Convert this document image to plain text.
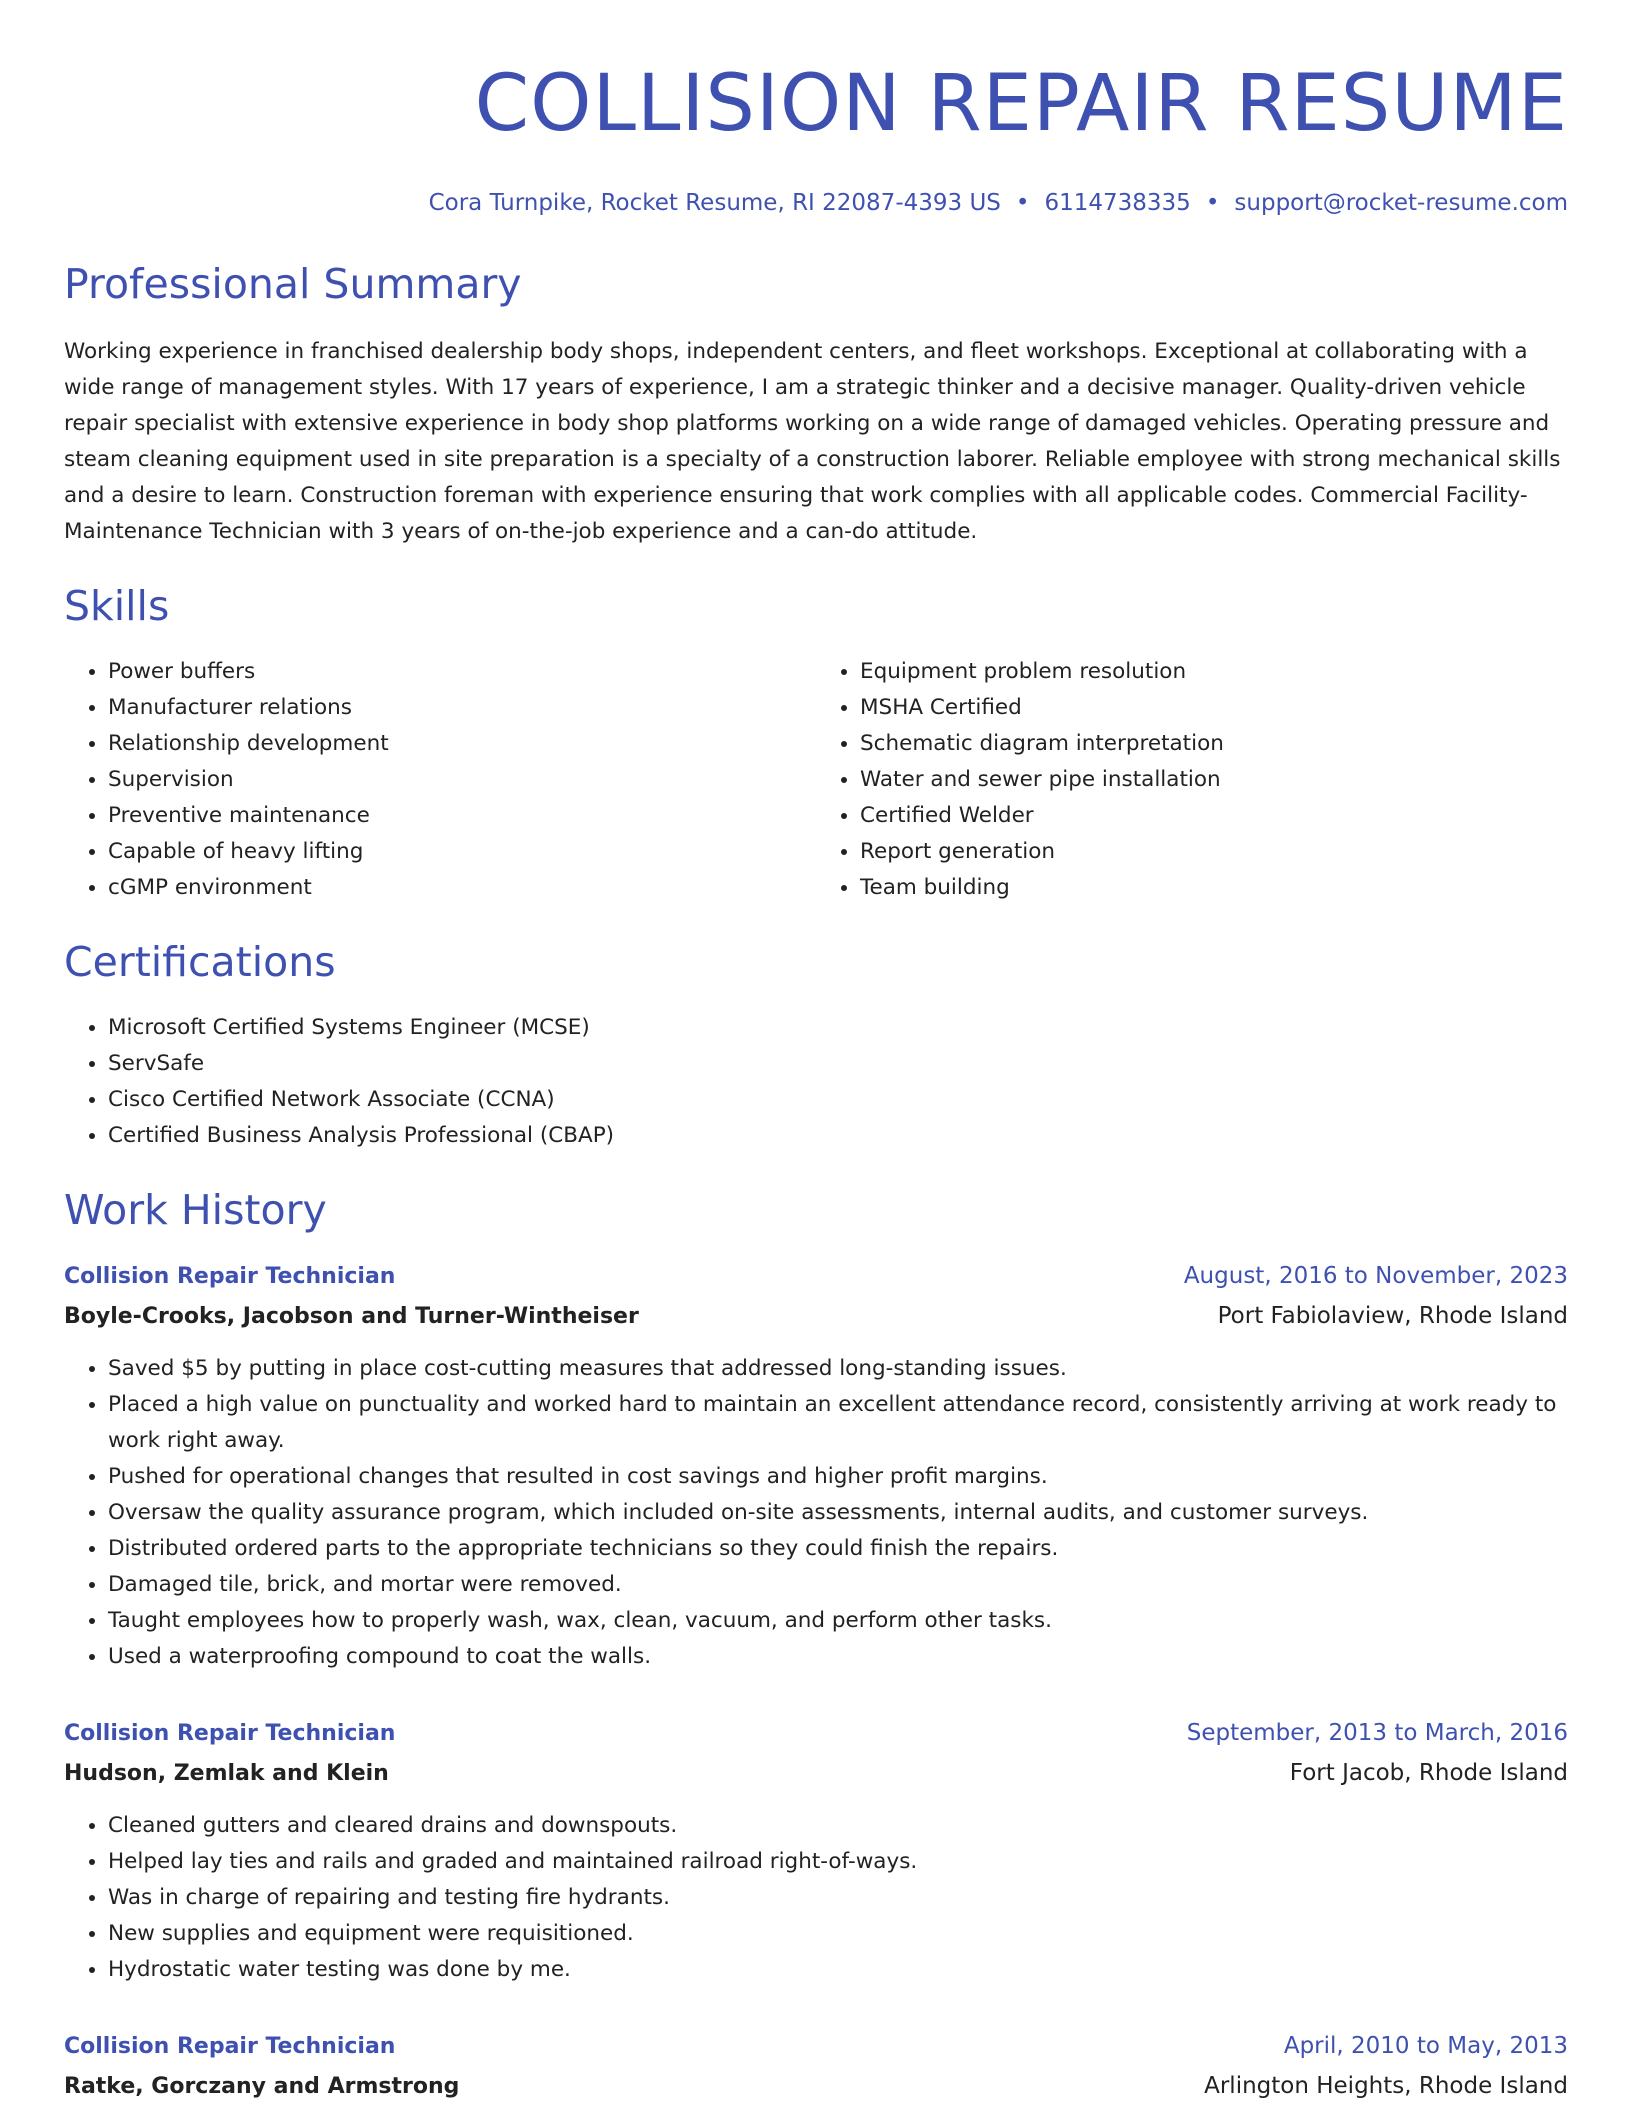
COLLISION REPAIR RESUME
Cora Turnpike, Rocket Resume, RI 22087-4393 US • 6114738335 • support@rocket-resume.com
Professional Summary

Working experience in franchised dealership body shops, independent centers, and fleet workshops. Exceptional at collaborating with a wide range of management styles. With 17 years of experience, I am a strategic thinker and a decisive manager. Quality-driven vehicle repair specialist with extensive experience in body shop platforms working on a wide range of damaged vehicles. Operating pressure and steam cleaning equipment used in site preparation is a specialty of a construction laborer. Reliable employee with strong mechanical skills and a desire to learn. Construction foreman with experience ensuring that work complies with all applicable codes. Commercial Facility-Maintenance Technician with 3 years of on-the-job experience and a can-do attitude.

Skills
• Power buffers
• Manufacturer relations
• Relationship development
• Supervision
• Preventive maintenance
• Capable of heavy lifting
• cGMP environment
• Equipment problem resolution
• MSHA Certified
• Schematic diagram interpretation
• Water and sewer pipe installation
• Certified Welder
• Report generation
• Team building
Certifications
• Microsoft Certified Systems Engineer (MCSE)
• ServSafe
• Cisco Certified Network Associate (CCNA)
• Certified Business Analysis Professional (CBAP)
Work History
Collision Repair Technician	August, 2016 to November, 2023
Boyle-Crooks, Jacobson and Turner-Wintheiser	Port Fabiolaview, Rhode Island
• Saved $5 by putting in place cost-cutting measures that addressed long-standing issues.
• Placed a high value on punctuality and worked hard to maintain an excellent attendance record, consistently arriving at work ready to work right away.
• Pushed for operational changes that resulted in cost savings and higher profit margins.
• Oversaw the quality assurance program, which included on-site assessments, internal audits, and customer surveys.
• Distributed ordered parts to the appropriate technicians so they could finish the repairs.
• Damaged tile, brick, and mortar were removed.
• Taught employees how to properly wash, wax, clean, vacuum, and perform other tasks.
• Used a waterproofing compound to coat the walls.
Collision Repair Technician	September, 2013 to March, 2016
Hudson, Zemlak and Klein	Fort Jacob, Rhode Island
• Cleaned gutters and cleared drains and downspouts.
• Helped lay ties and rails and graded and maintained railroad right-of-ways.
• Was in charge of repairing and testing fire hydrants.
• New supplies and equipment were requisitioned.
• Hydrostatic water testing was done by me.
Collision Repair Technician	April, 2010 to May, 2013
Ratke, Gorczany and Armstrong	Arlington Heights, Rhode Island
